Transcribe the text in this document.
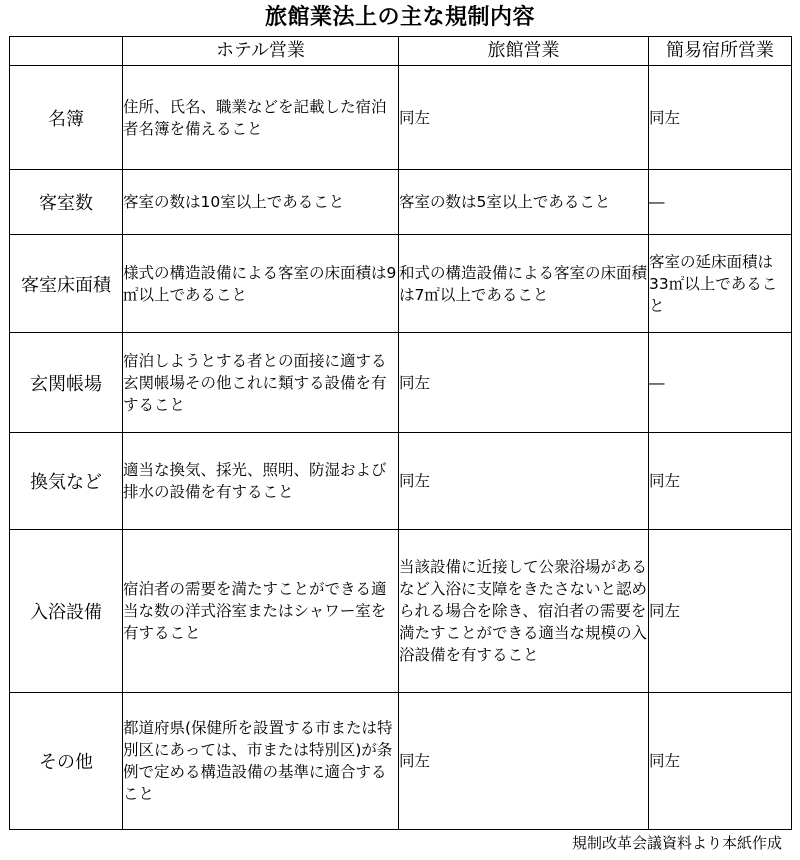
旅館業法上の主な規制内容
	ホテル営業	旅館営業	簡易宿所営業
名簿	住所、氏名、職業などを記載した宿泊者名簿を備えること	同左	同左
客室数	客室の数は10室以上であること	客室の数は5室以上であること	―
客室床面積	様式の構造設備による客室の床面積は9㎡以上であること	和式の構造設備による客室の床面積は7㎡以上であること	客室の延床面積は33㎡以上であること
玄関帳場	宿泊しようとする者との面接に適する玄関帳場その他これに類する設備を有すること	同左	―
換気など	適当な換気、採光、照明、防湿および排水の設備を有すること	同左	同左
入浴設備	宿泊者の需要を満たすことができる適当な数の洋式浴室またはシャワー室を有すること	当該設備に近接して公衆浴場があるなど入浴に支障をきたさないと認められる場合を除き、宿泊者の需要を満たすことができる適当な規模の入浴設備を有すること	同左
その他	都道府県(保健所を設置する市または特別区にあっては、市または特別区)が条例で定める構造設備の基準に適合すること	同左	同左
規制改革会議資料より本紙作成
